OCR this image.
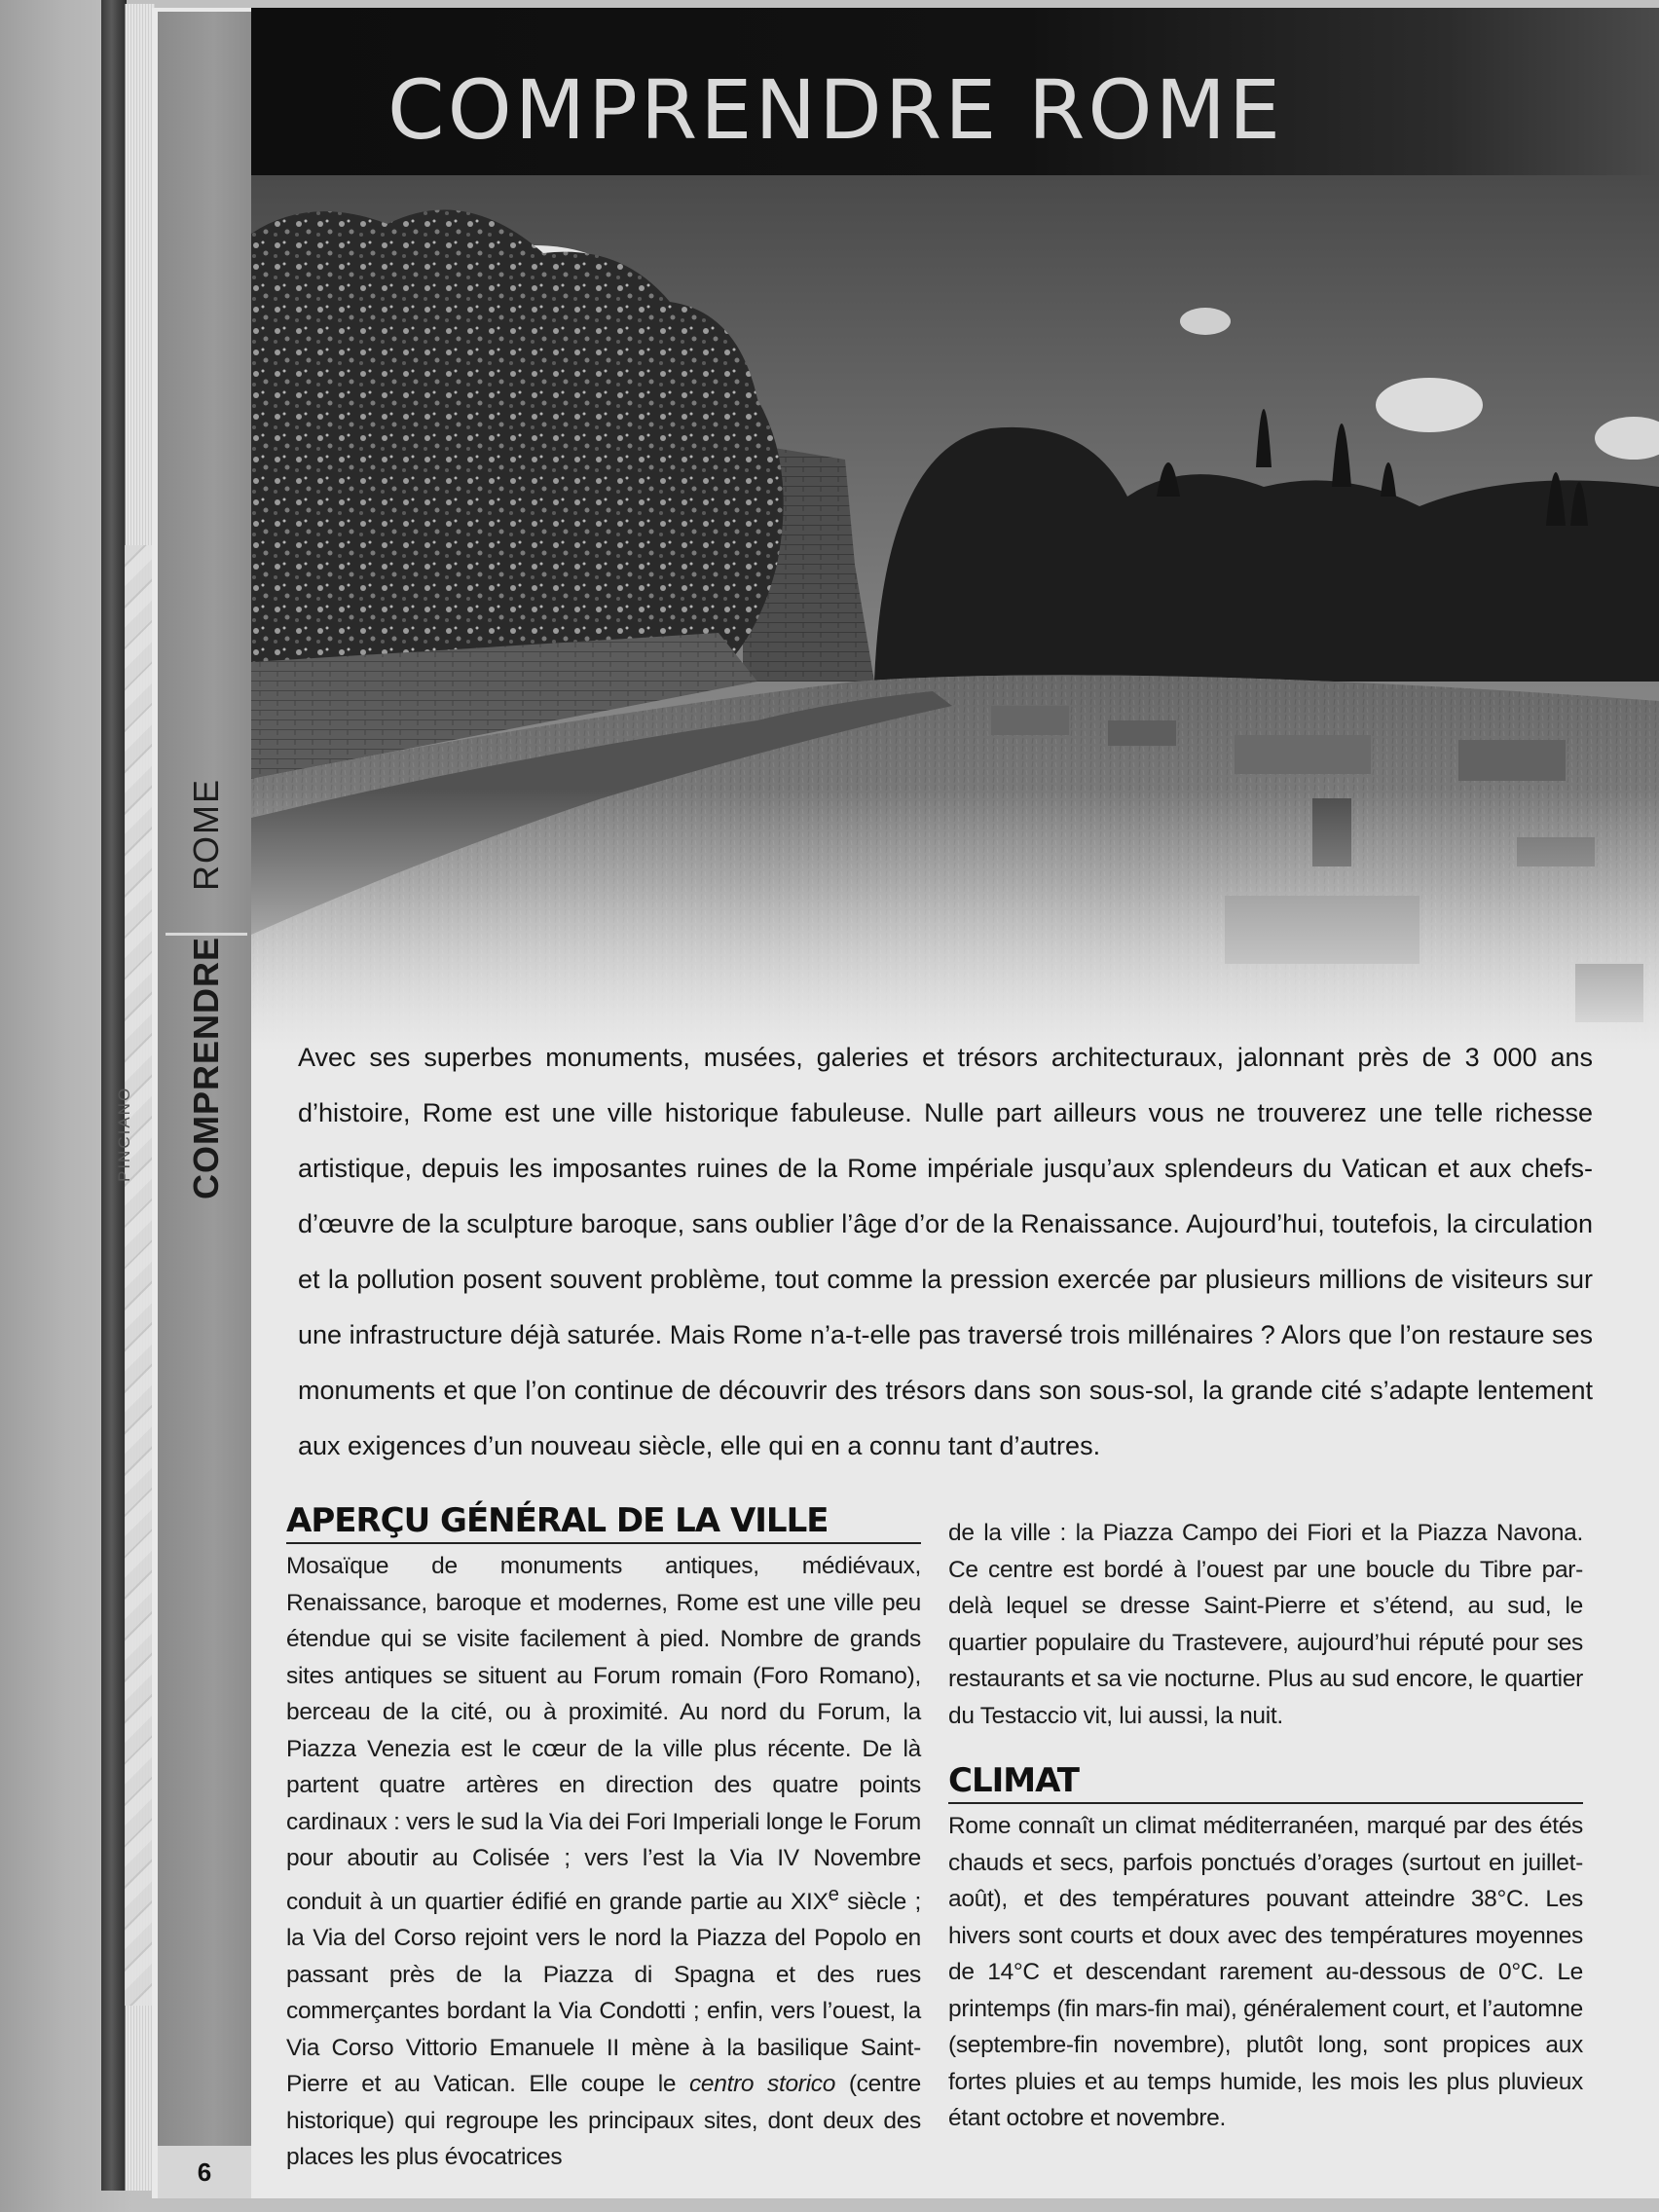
PINCIANO
ROME
COMPRENDRE
6
COMPRENDRE ROME

Avec ses superbes monuments, musées, galeries et trésors architecturaux, jalonnant près de 3 000 ans d’histoire, Rome est une ville historique fabuleuse. Nulle part ailleurs vous ne trouverez une telle richesse artistique, depuis les imposantes ruines de la Rome impériale jusqu’aux splendeurs du Vatican et aux chefs-d’œuvre de la sculpture baroque, sans oublier l’âge d’or de la Renaissance. Aujourd’hui, toutefois, la circulation et la pollution posent souvent problème, tout comme la pression exercée par plusieurs millions de visiteurs sur une infrastructure déjà saturée. Mais Rome n’a-t-elle pas traversé trois millénaires ? Alors que l’on restaure ses monuments et que l’on continue de découvrir des trésors dans son sous-sol, la grande cité s’adapte lentement aux exigences d’un nouveau siècle, elle qui en a connu tant d’autres.

APERÇU GÉNÉRAL DE LA VILLE

Mosaïque de monuments antiques, médiévaux, Renaissance, baroque et modernes, Rome est une ville peu étendue qui se visite facilement à pied. Nombre de grands sites antiques se situent au Forum romain (Foro Romano), berceau de la cité, ou à proximité. Au nord du Forum, la Piazza Venezia est le cœur de la ville plus récente. De là partent quatre artères en direction des quatre points cardinaux : vers le sud la Via dei Fori Imperiali longe le Forum pour aboutir au Colisée ; vers l’est la Via IV Novembre conduit à un quartier édifié en grande partie au XIXe siècle ; la Via del Corso rejoint vers le nord la Piazza del Popolo en passant près de la Piazza di Spagna et des rues commerçantes bordant la Via Condotti ; enfin, vers l’ouest, la Via Corso Vittorio Emanuele II mène à la basilique Saint-Pierre et au Vatican. Elle coupe le centro storico (centre historique) qui regroupe les principaux sites, dont deux des places les plus évocatrices

de la ville : la Piazza Campo dei Fiori et la Piazza Navona. Ce centre est bordé à l’ouest par une boucle du Tibre par-delà lequel se dresse Saint-Pierre et s’étend, au sud, le quartier populaire du Trastevere, aujourd’hui réputé pour ses restaurants et sa vie nocturne. Plus au sud encore, le quartier du Testaccio vit, lui aussi, la nuit.

CLIMAT

Rome connaît un climat méditerranéen, marqué par des étés chauds et secs, parfois ponctués d’orages (surtout en juillet-août), et des températures pouvant atteindre 38°C. Les hivers sont courts et doux avec des températures moyennes de 14°C et descendant rarement au-dessous de 0°C. Le printemps (fin mars-fin mai), généralement court, et l’automne (septembre-fin novembre), plutôt long, sont propices aux fortes pluies et au temps humide, les mois les plus pluvieux étant octobre et novembre.
